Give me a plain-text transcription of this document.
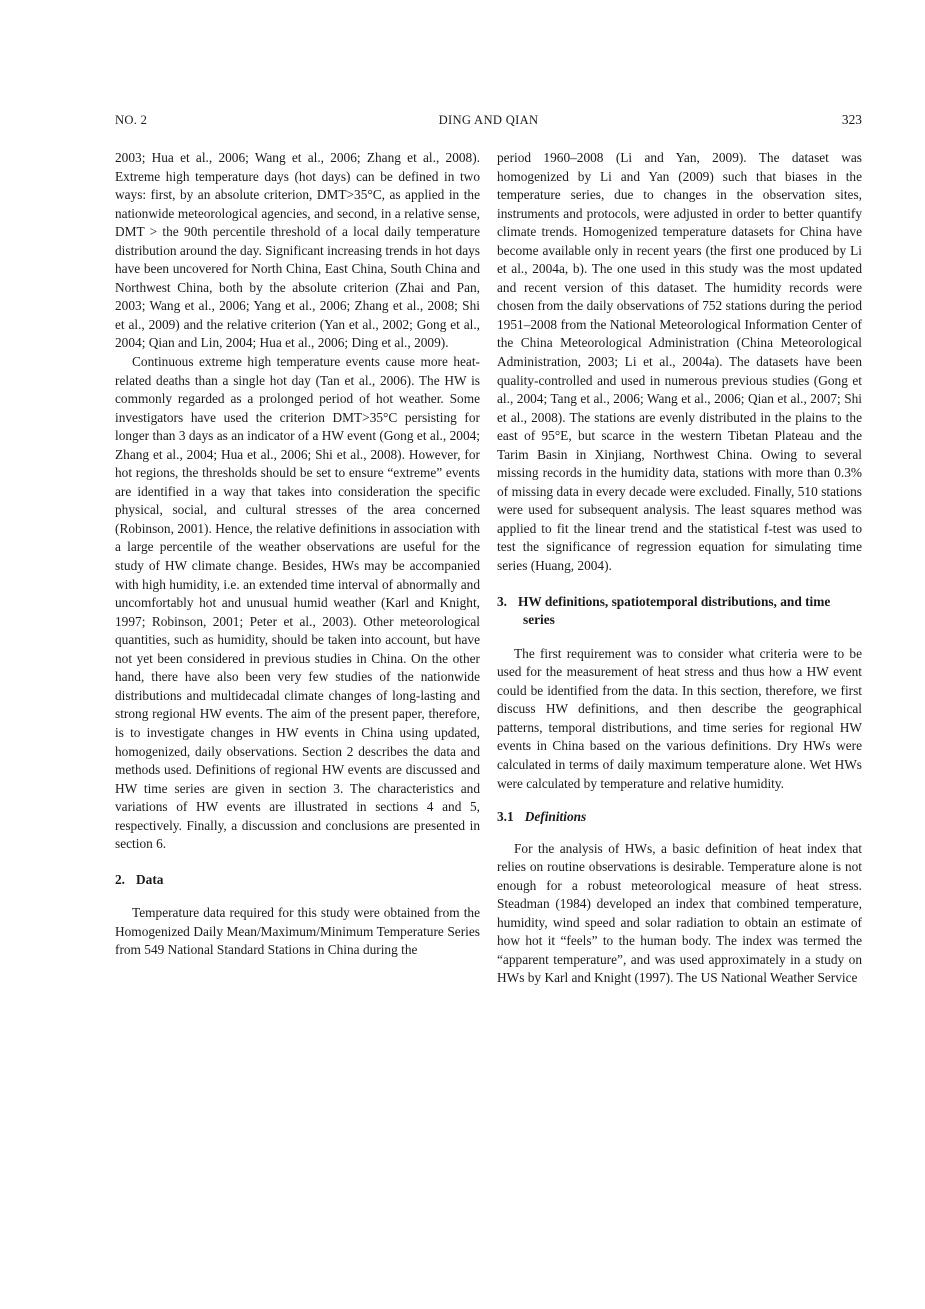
NO. 2	DING AND QIAN	323

2003; Hua et al., 2006; Wang et al., 2006; Zhang et al., 2008). Extreme high temperature days (hot days) can be defined in two ways: first, by an absolute criterion, DMT>35°C, as applied in the nationwide meteorological agencies, and second, in a relative sense, DMT > the 90th percentile threshold of a local daily temperature distribution around the day. Significant increasing trends in hot days have been uncovered for North China, East China, South China and Northwest China, both by the absolute criterion (Zhai and Pan, 2003; Wang et al., 2006; Yang et al., 2006; Zhang et al., 2008; Shi et al., 2009) and the relative criterion (Yan et al., 2002; Gong et al., 2004; Qian and Lin, 2004; Hua et al., 2006; Ding et al., 2009).

Continuous extreme high temperature events cause more heat-related deaths than a single hot day (Tan et al., 2006). The HW is commonly regarded as a prolonged period of hot weather. Some investigators have used the criterion DMT>35°C persisting for longer than 3 days as an indicator of a HW event (Gong et al., 2004; Zhang et al., 2004; Hua et al., 2006; Shi et al., 2008). However, for hot regions, the thresholds should be set to ensure “extreme” events are identified in a way that takes into consideration the specific physical, social, and cultural stresses of the area concerned (Robinson, 2001). Hence, the relative definitions in association with a large percentile of the weather observations are useful for the study of HW climate change. Besides, HWs may be accompanied with high humidity, i.e. an extended time interval of abnormally and uncomfortably hot and unusual humid weather (Karl and Knight, 1997; Robinson, 2001; Peter et al., 2003). Other meteorological quantities, such as humidity, should be taken into account, but have not yet been considered in previous studies in China. On the other hand, there have also been very few studies of the nationwide distributions and multidecadal climate changes of long-lasting and strong regional HW events. The aim of the present paper, therefore, is to investigate changes in HW events in China using updated, homogenized, daily observations. Section 2 describes the data and methods used. Definitions of regional HW events are discussed and HW time series are given in section 3. The characteristics and variations of HW events are illustrated in sections 4 and 5, respectively. Finally, a discussion and conclusions are presented in section 6.

2. Data

Temperature data required for this study were obtained from the Homogenized Daily Mean/Maximum/Minimum Temperature Series from 549 National Standard Stations in China during the

period 1960–2008 (Li and Yan, 2009). The dataset was homogenized by Li and Yan (2009) such that biases in the temperature series, due to changes in the observation sites, instruments and protocols, were adjusted in order to better quantify climate trends. Homogenized temperature datasets for China have become available only in recent years (the first one produced by Li et al., 2004a, b). The one used in this study was the most updated and recent version of this dataset. The humidity records were chosen from the daily observations of 752 stations during the period 1951–2008 from the National Meteorological Information Center of the China Meteorological Administration (China Meteorological Administration, 2003; Li et al., 2004a). The datasets have been quality-controlled and used in numerous previous studies (Gong et al., 2004; Tang et al., 2006; Wang et al., 2006; Qian et al., 2007; Shi et al., 2008). The stations are evenly distributed in the plains to the east of 95°E, but scarce in the western Tibetan Plateau and the Tarim Basin in Xinjiang, Northwest China. Owing to several missing records in the humidity data, stations with more than 0.3% of missing data in every decade were excluded. Finally, 510 stations were used for subsequent analysis. The least squares method was applied to fit the linear trend and the statistical f-test was used to test the significance of regression equation for simulating time series (Huang, 2004).

3. HW definitions, spatiotemporal distributions, and time series

The first requirement was to consider what criteria were to be used for the measurement of heat stress and thus how a HW event could be identified from the data. In this section, therefore, we first discuss HW definitions, and then describe the geographical patterns, temporal distributions, and time series for regional HW events in China based on the various definitions. Dry HWs were calculated in terms of daily maximum temperature alone. Wet HWs were calculated by temperature and relative humidity.

3.1 Definitions

For the analysis of HWs, a basic definition of heat index that relies on routine observations is desirable. Temperature alone is not enough for a robust meteorological measure of heat stress. Steadman (1984) developed an index that combined temperature, humidity, wind speed and solar radiation to obtain an estimate of how hot it “feels” to the human body. The index was termed the “apparent temperature”, and was used approximately in a study on HWs by Karl and Knight (1997). The US National Weather Service
